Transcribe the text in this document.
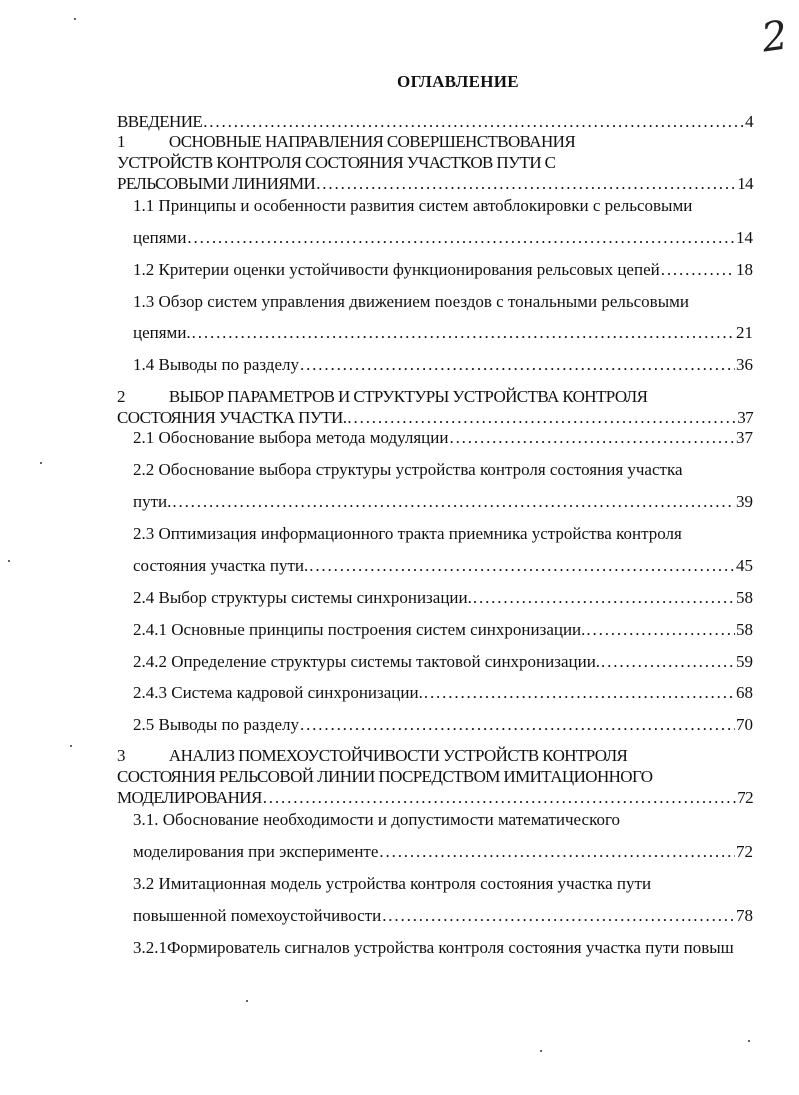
2
ОГЛАВЛЕНИЕ
ВВЕДЕНИЕ . . .	4
1	ОСНОВНЫЕ НАПРАВЛЕНИЯ СОВЕРШЕНСТВОВАНИЯ
УСТРОЙСТВ КОНТРОЛЯ СОСТОЯНИЯ УЧАСТКОВ ПУТИ С
РЕЛЬСОВЫМИ ЛИНИЯМИ . . .	14
1.1 Принципы и особенности развития систем автоблокировки с рельсовыми
цепями . . .	14
1.2 Критерии оценки устойчивости функционирования рельсовых цепей . . .	18
1.3 Обзор систем управления движением поездов с тональными рельсовыми
цепями. . . .	21
1.4 Выводы по разделу . . .	36
2	ВЫБОР ПАРАМЕТРОВ И СТРУКТУРЫ УСТРОЙСТВА КОНТРОЛЯ
СОСТОЯНИЯ УЧАСТКА ПУТИ. . . .	37
2.1 Обоснование выбора метода модуляции . . .	37
2.2 Обоснование выбора структуры устройства контроля состояния участка
пути. . . .	39
2.3 Оптимизация информационного тракта приемника устройства контроля
состояния участка пути. . . .	45
2.4 Выбор структуры системы синхронизации. . . .	58
2.4.1 Основные принципы построения систем синхронизации. . . .	58
2.4.2 Определение структуры системы тактовой синхронизации. . . .	59
2.4.3 Система кадровой синхронизации. . . .	68
2.5 Выводы по разделу . . .	70
3	АНАЛИЗ ПОМЕХОУСТОЙЧИВОСТИ УСТРОЙСТВ КОНТРОЛЯ
СОСТОЯНИЯ РЕЛЬСОВОЙ ЛИНИИ ПОСРЕДСТВОМ ИМИТАЦИОННОГО
МОДЕЛИРОВАНИЯ . . .	72
3.1. Обоснование необходимости и допустимости математического
моделирования при эксперименте . . .	72
3.2 Имитационная модель устройства контроля состояния участка пути
повышенной помехоустойчивости . . .	78
3.2.1Формирователь сигналов устройства контроля состояния участка пути повыш
